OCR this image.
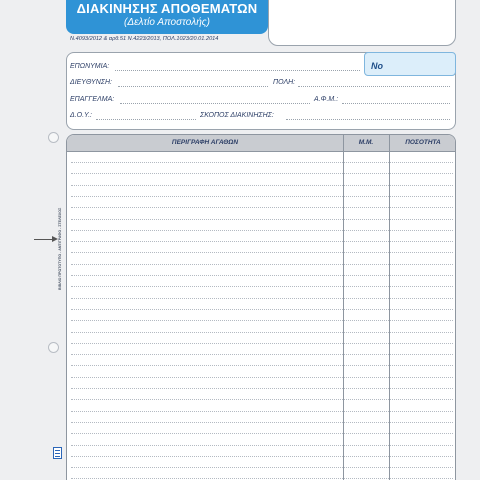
ΔΙΑΚΙΝΗΣΗΣ ΑΠΟΘΕΜΑΤΩΝ
(Δελτίο Αποστολής)
Ν.4093/2012 & αρθ.51 Ν.4223/2013, ΠΟΛ.1023/20.01.2014
Νο
ΕΠΩΝΥΜΙΑ:
ΔΙΕΥΘΥΝΣΗ:	ΠΟΛΗ:
ΕΠΑΓΓΕΛΜΑ:	Α.Φ.Μ.:
Δ.Ο.Υ.:	ΣΚΟΠΟΣ ΔΙΑΚΙΝΗΣΗΣ:
ΠΕΡΙΓΡΑΦΗ ΑΓΑΘΩΝ	Μ.Μ.	ΠΟΣΟΤΗΤΑ
ΒΙΒΛΙΟ ΠΡΩΤΟΤΥΠΟ - ΑΝΤΙΓΡΑΦΟ - ΣΤΕΛΕΧΟΣ
